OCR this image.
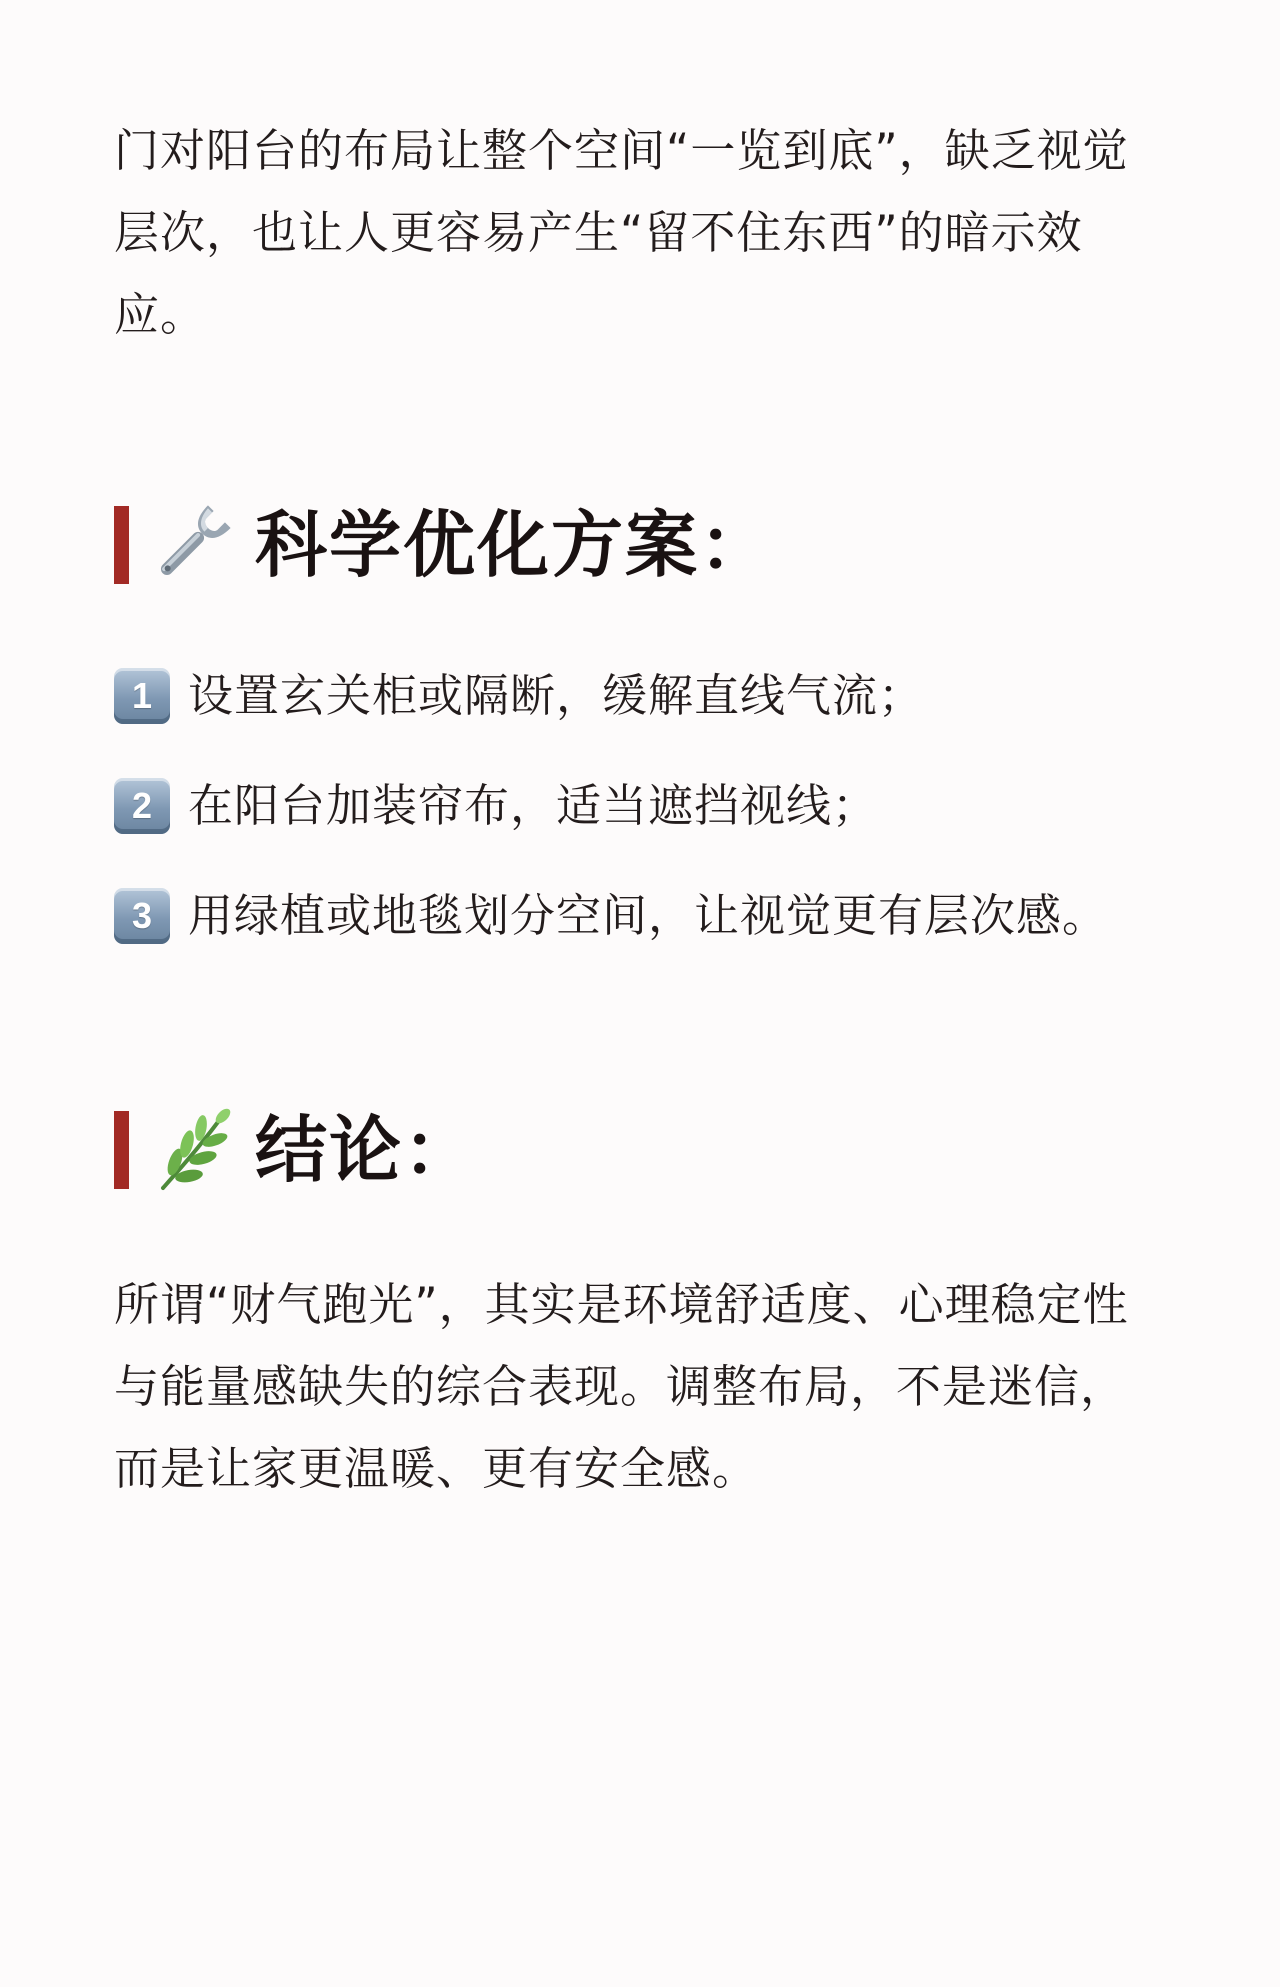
门对阳台的布局让整个空间“一览到底”，缺乏视觉层次，也让人更容易产生“留不住东西”的暗示效应。

科学优化方案：
1 设置玄关柜或隔断，缓解直线气流；
2 在阳台加装帘布，适当遮挡视线；
3 用绿植或地毯划分空间，让视觉更有层次感。
结论：

所谓“财气跑光”，其实是环境舒适度、心理稳定性与能量感缺失的综合表现。调整布局，不是迷信，而是让家更温暖、更有安全感。
